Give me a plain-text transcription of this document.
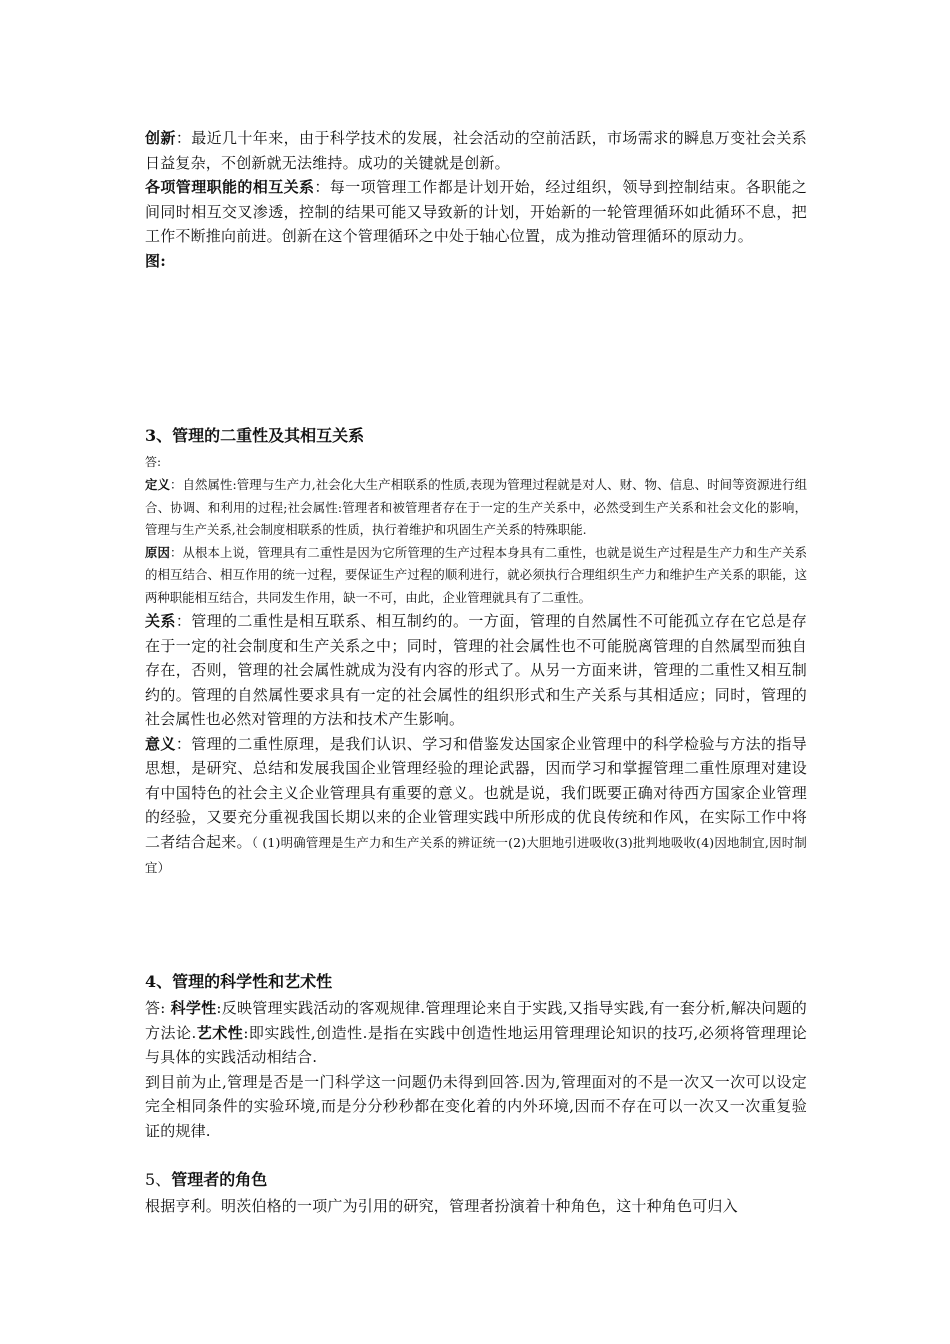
创新：最近几十年来，由于科学技术的发展，社会活动的空前活跃，市场需求的瞬息万变社会关系日益复杂，不创新就无法维持。成功的关键就是创新。

各项管理职能的相互关系：每一项管理工作都是计划开始，经过组织，领导到控制结束。各职能之间同时相互交叉渗透，控制的结果可能又导致新的计划，开始新的一轮管理循环如此循环不息，把工作不断推向前进。创新在这个管理循环之中处于轴心位置，成为推动管理循环的原动力。

图:

3、管理的二重性及其相互关系

答:

定义：自然属性:管理与生产力,社会化大生产相联系的性质,表现为管理过程就是对人、财、物、信息、时间等资源进行组合、协调、和利用的过程;社会属性:管理者和被管理者存在于一定的生产关系中，必然受到生产关系和社会文化的影响，管理与生产关系,社会制度相联系的性质，执行着维护和巩固生产关系的特殊职能.

原因：从根本上说，管理具有二重性是因为它所管理的生产过程本身具有二重性，也就是说生产过程是生产力和生产关系的相互结合、相互作用的统一过程，要保证生产过程的顺利进行，就必须执行合理组织生产力和维护生产关系的职能，这两种职能相互结合，共同发生作用，缺一不可，由此，企业管理就具有了二重性。

关系：管理的二重性是相互联系、相互制约的。一方面，管理的自然属性不可能孤立存在它总是存在于一定的社会制度和生产关系之中；同时，管理的社会属性也不可能脱离管理的自然属型而独自存在，否则，管理的社会属性就成为没有内容的形式了。从另一方面来讲，管理的二重性又相互制约的。管理的自然属性要求具有一定的社会属性的组织形式和生产关系与其相适应；同时，管理的社会属性也必然对管理的方法和技术产生影响。

意义：管理的二重性原理，是我们认识、学习和借鉴发达国家企业管理中的科学检验与方法的指导思想，是研究、总结和发展我国企业管理经验的理论武器，因而学习和掌握管理二重性原理对建设有中国特色的社会主义企业管理具有重要的意义。也就是说，我们既要正确对待西方国家企业管理的经验，又要充分重视我国长期以来的企业管理实践中所形成的优良传统和作风，在实际工作中将二者结合起来。（ (1)明确管理是生产力和生产关系的辨证统一(2)大胆地引进吸收(3)批判地吸收(4)因地制宜,因时制宜）

4、管理的科学性和艺术性

答: 科学性:反映管理实践活动的客观规律.管理理论来自于实践,又指导实践,有一套分析,解决问题的方法论.艺术性:即实践性,创造性.是指在实践中创造性地运用管理理论知识的技巧,必须将管理理论与具体的实践活动相结合.

到目前为止,管理是否是一门科学这一问题仍未得到回答.因为,管理面对的不是一次又一次可以设定完全相同条件的实验环境,而是分分秒秒都在变化着的内外环境,因而不存在可以一次又一次重复验证的规律.

5、管理者的角色

根据亨利。明茨伯格的一项广为引用的研究，管理者扮演着十种角色，这十种角色可归入
